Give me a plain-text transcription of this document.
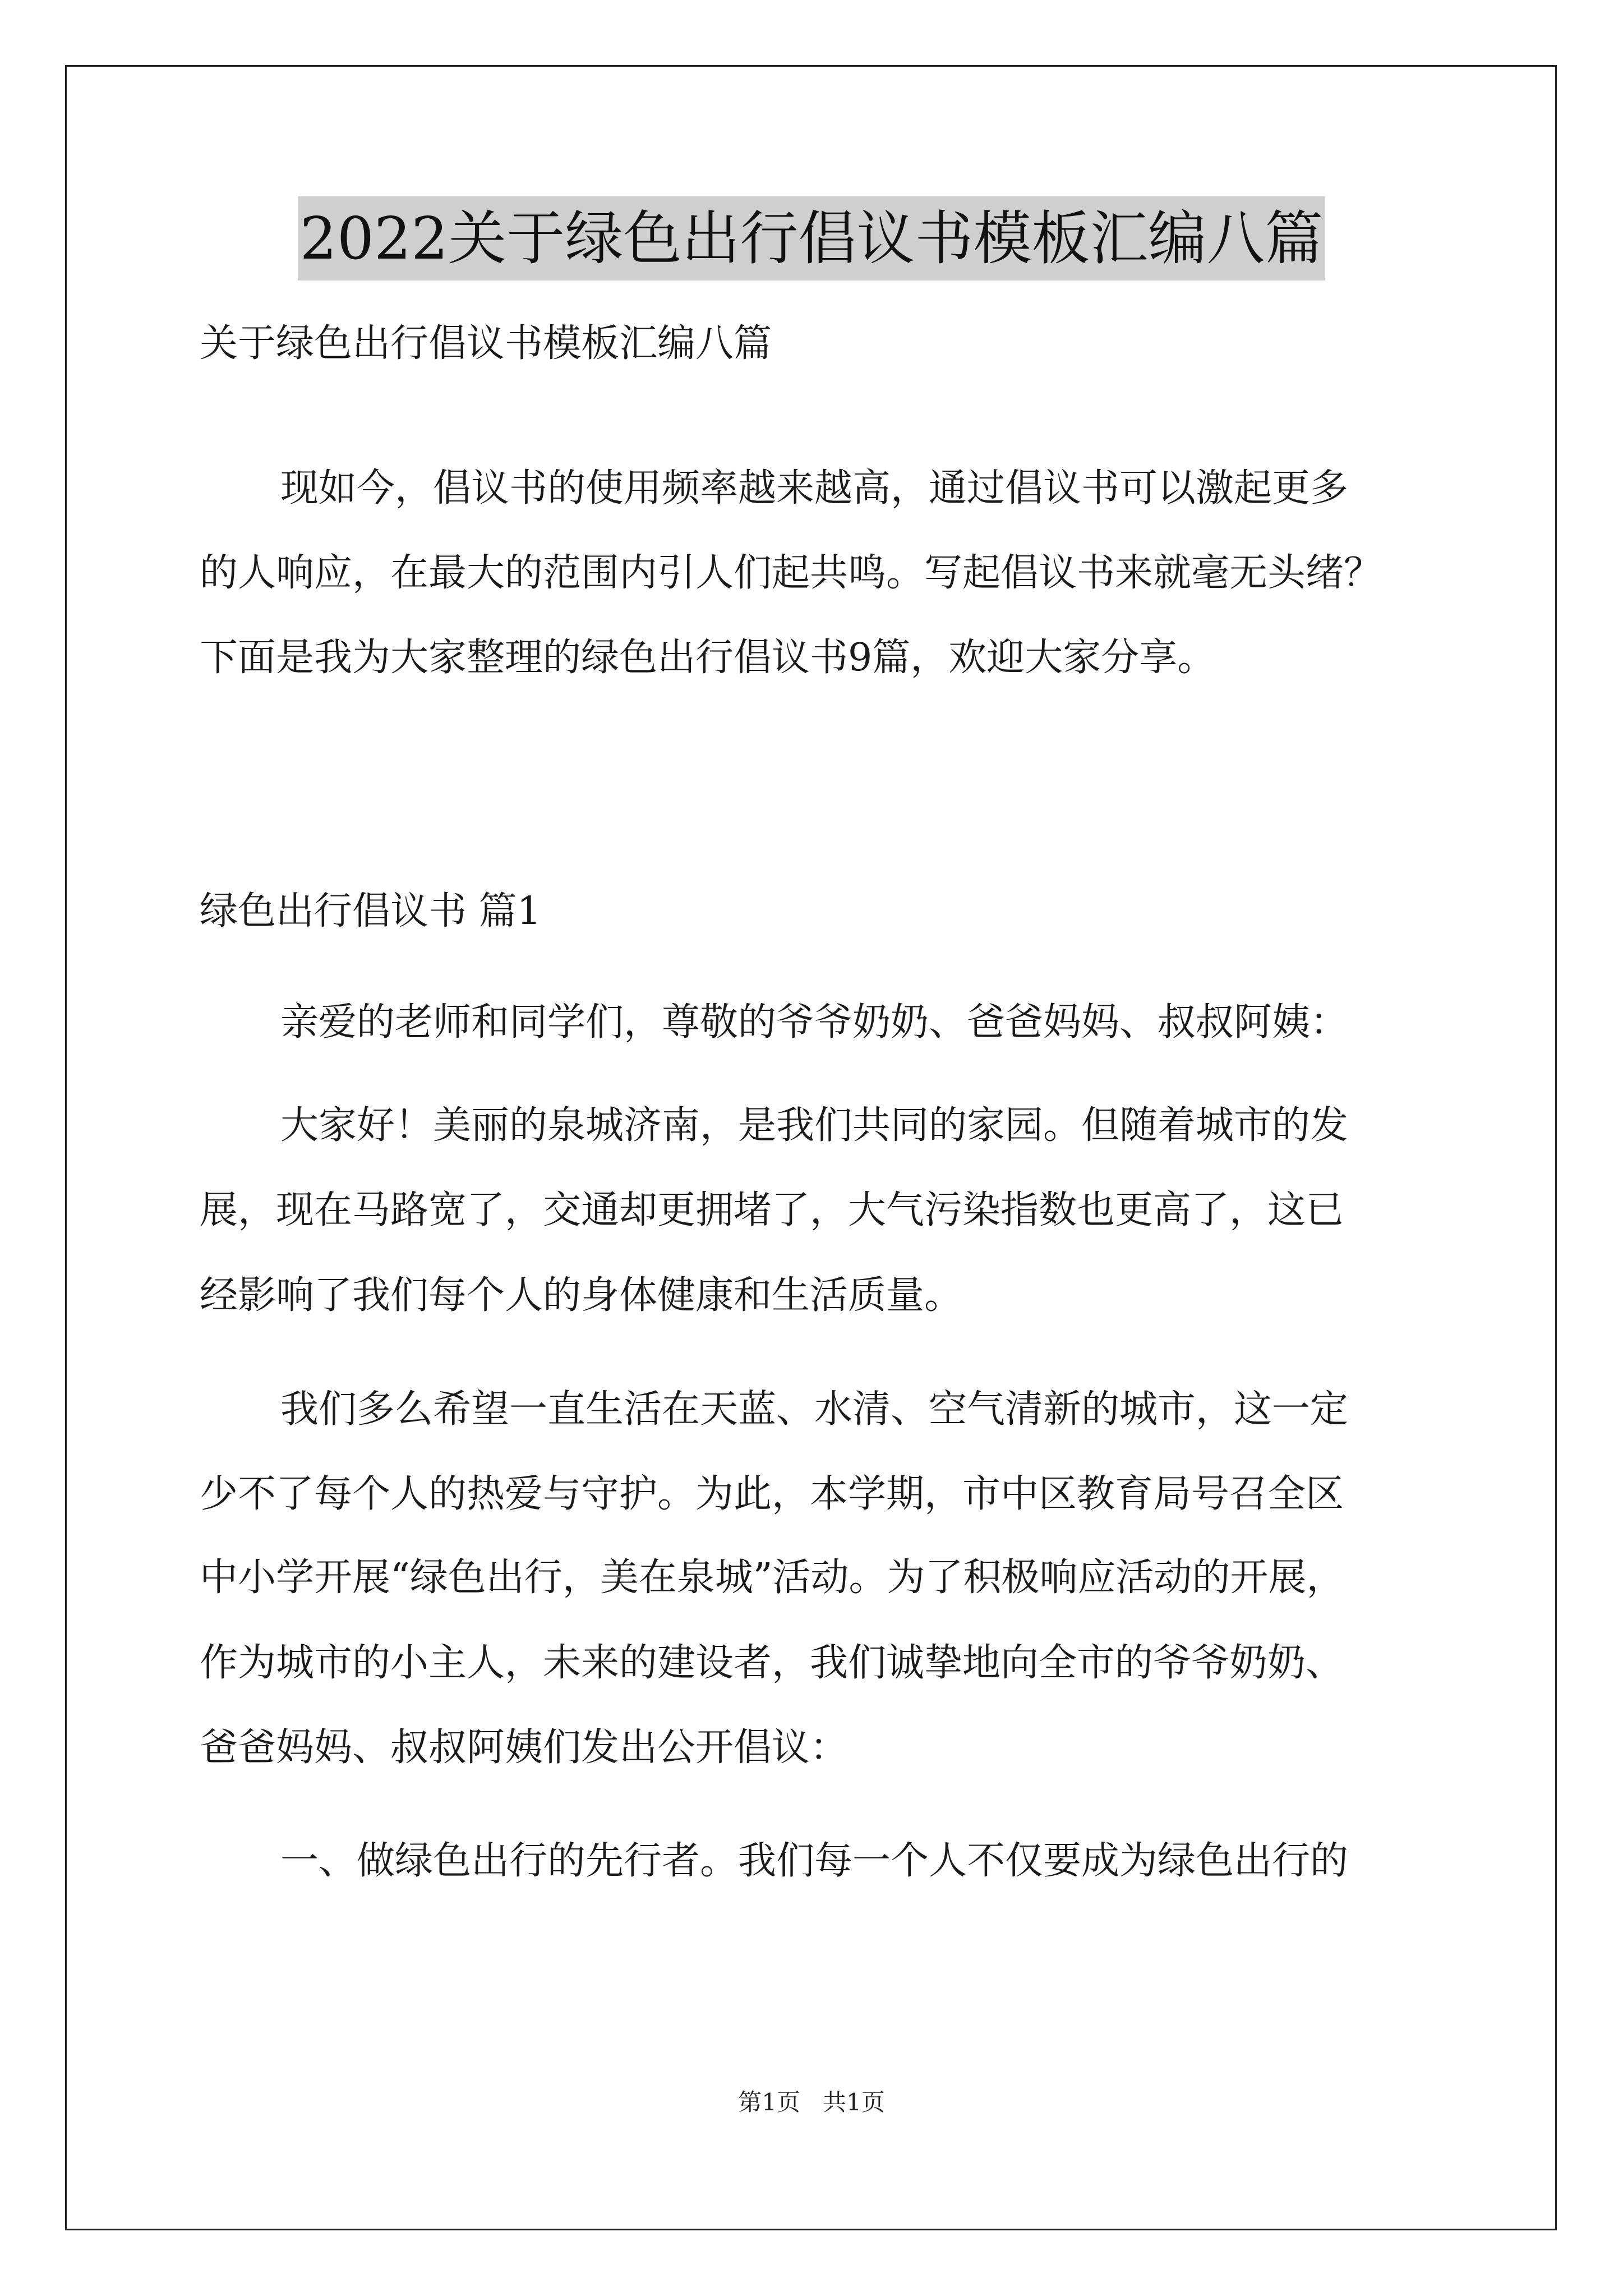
2022关于绿色出行倡议书模板汇编八篇
关于绿色出行倡议书模板汇编八篇
现如今，倡议书的使用频率越来越高，通过倡议书可以激起更多
的人响应，在最大的范围内引人们起共鸣。写起倡议书来就毫无头绪？
下面是我为大家整理的绿色出行倡议书9篇，欢迎大家分享。
绿色出行倡议书 篇1
亲爱的老师和同学们，尊敬的爷爷奶奶、爸爸妈妈、叔叔阿姨：
大家好！美丽的泉城济南，是我们共同的家园。但随着城市的发
展，现在马路宽了，交通却更拥堵了，大气污染指数也更高了，这已
经影响了我们每个人的身体健康和生活质量。
我们多么希望一直生活在天蓝、水清、空气清新的城市，这一定
少不了每个人的热爱与守护。为此，本学期，市中区教育局号召全区
中小学开展“绿色出行，美在泉城”活动。为了积极响应活动的开展，
作为城市的小主人，未来的建设者，我们诚挚地向全市的爷爷奶奶、
爸爸妈妈、叔叔阿姨们发出公开倡议：
一、做绿色出行的先行者。我们每一个人不仅要成为绿色出行的
第1页   共1页
